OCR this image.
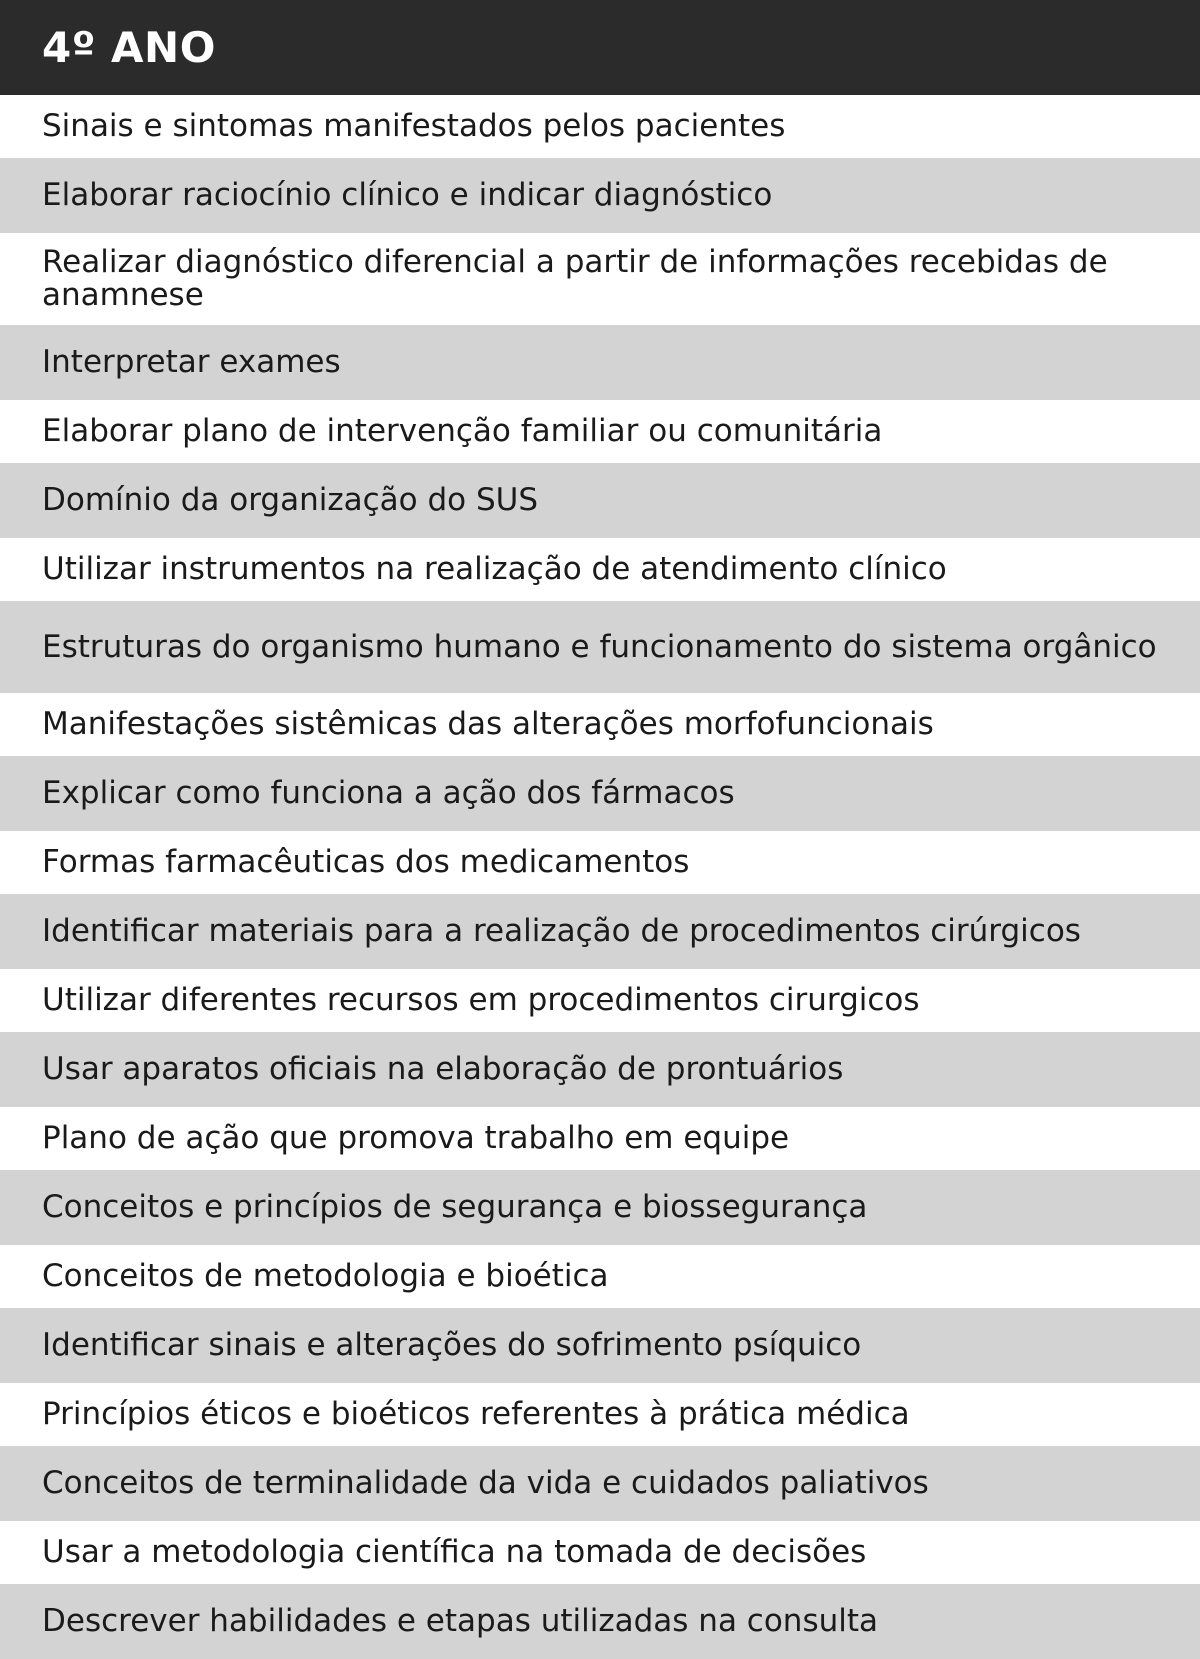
4º ANO
Sinais e sintomas manifestados pelos pacientes
Elaborar raciocínio clínico e indicar diagnóstico
Realizar diagnóstico diferencial a partir de informações recebidas de anamnese
Interpretar exames
Elaborar plano de intervenção familiar ou comunitária
Domínio da organização do SUS
Utilizar instrumentos na realização de atendimento clínico
Estruturas do organismo humano e funcionamento do sistema orgânico
Manifestações sistêmicas das alterações morfofuncionais
Explicar como funciona a ação dos fármacos
Formas farmacêuticas dos medicamentos
Identificar materiais para a realização de procedimentos cirúrgicos
Utilizar diferentes recursos em procedimentos cirurgicos
Usar aparatos oficiais na elaboração de prontuários
Plano de ação que promova trabalho em equipe
Conceitos e princípios de segurança e biossegurança
Conceitos de metodologia e bioética
Identificar sinais e alterações do sofrimento psíquico
Princípios éticos e bioéticos referentes à prática médica
Conceitos de terminalidade da vida e cuidados paliativos
Usar a metodologia científica na tomada de decisões
Descrever habilidades e etapas utilizadas na consulta
